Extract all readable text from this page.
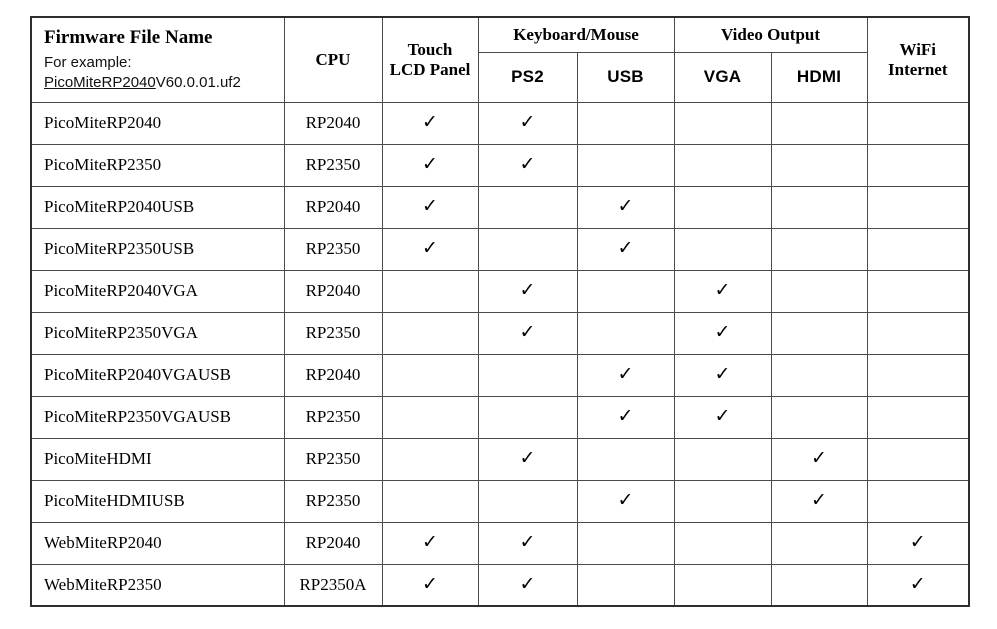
Firmware File Name
For example:
PicoMiteRP2040V60.0.01.uf2	CPU	Touch LCD Panel	Keyboard/Mouse		Video Output		WiFi Internet
			PS2	USB	VGA	HDMI	
PicoMiteRP2040	RP2040	✓	✓				
PicoMiteRP2350	RP2350	✓	✓				
PicoMiteRP2040USB	RP2040	✓		✓			
PicoMiteRP2350USB	RP2350	✓		✓			
PicoMiteRP2040VGA	RP2040		✓		✓		
PicoMiteRP2350VGA	RP2350		✓		✓		
PicoMiteRP2040VGAUSB	RP2040			✓	✓		
PicoMiteRP2350VGAUSB	RP2350			✓	✓		
PicoMiteHDMI	RP2350		✓			✓	
PicoMiteHDMIUSB	RP2350			✓		✓	
WebMiteRP2040	RP2040	✓	✓				✓
WebMiteRP2350	RP2350A	✓	✓				✓
